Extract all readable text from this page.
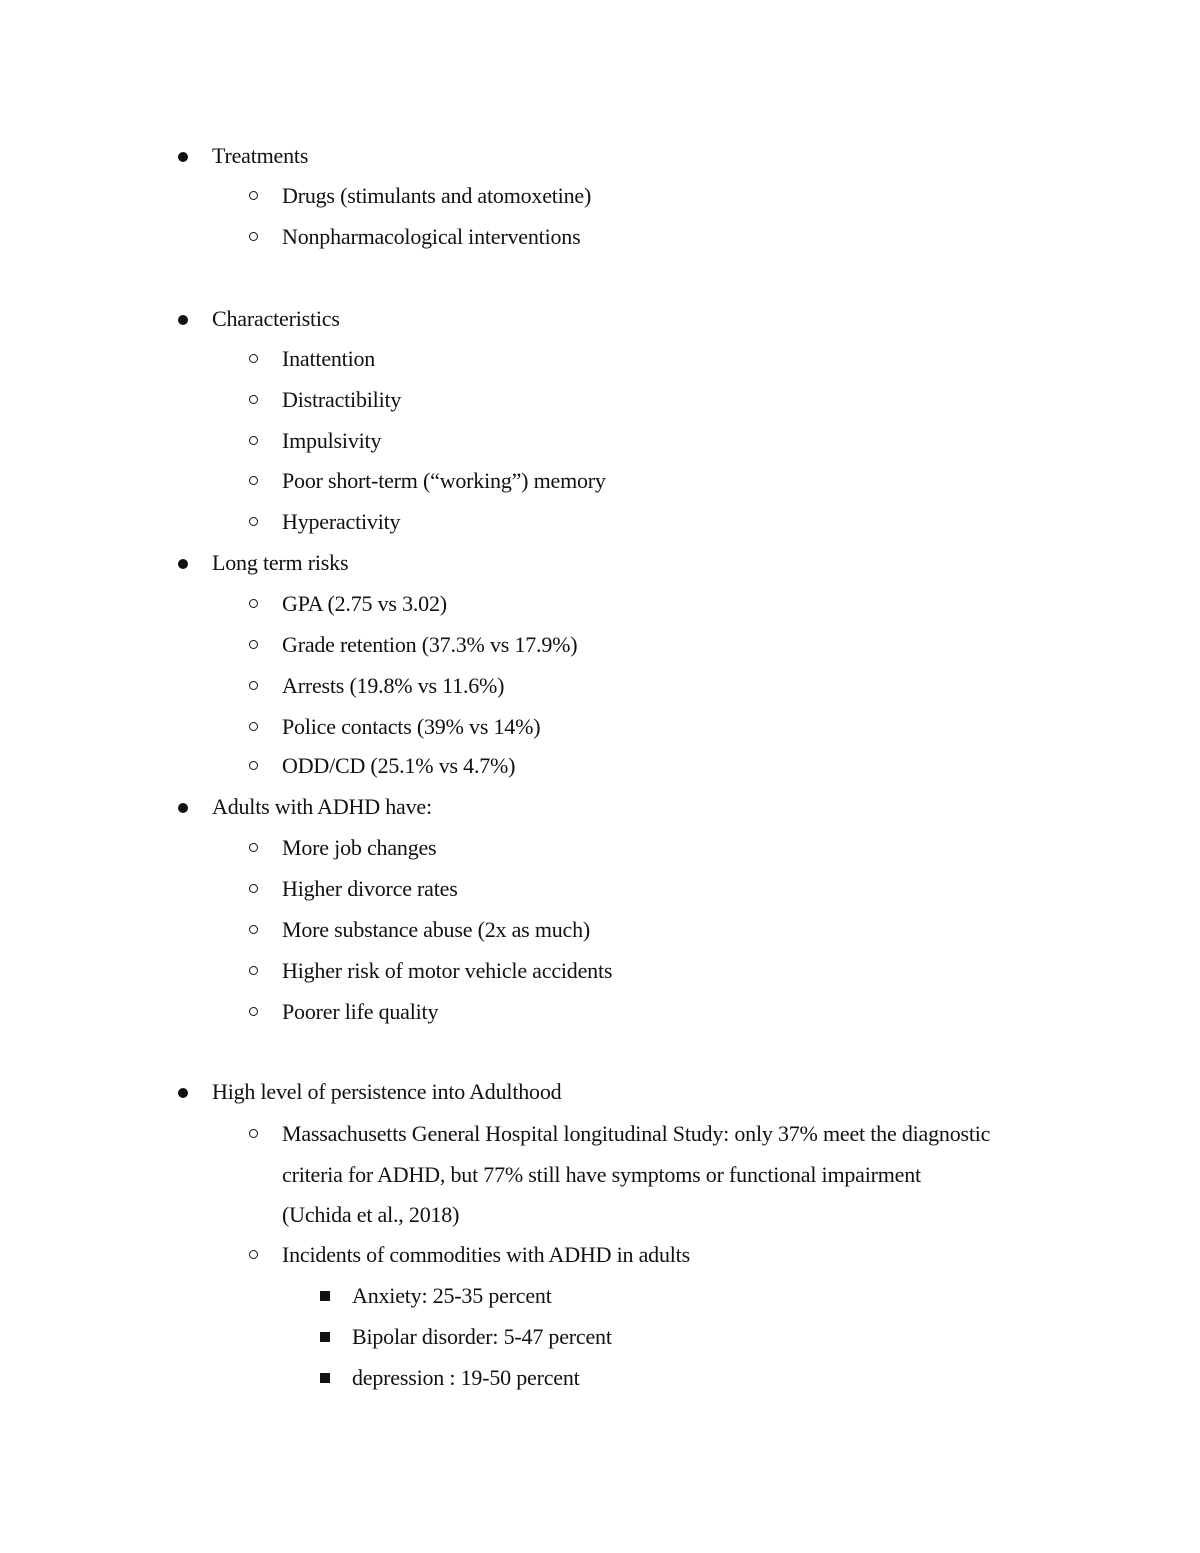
Treatments
Drugs (stimulants and atomoxetine)
Nonpharmacological interventions
Characteristics
Inattention
Distractibility
Impulsivity
Poor short-term (“working”) memory
Hyperactivity
Long term risks
GPA (2.75 vs 3.02)
Grade retention (37.3% vs 17.9%)
Arrests (19.8% vs 11.6%)
Police contacts (39% vs 14%)
ODD/CD (25.1% vs 4.7%)
Adults with ADHD have:
More job changes
Higher divorce rates
More substance abuse (2x as much)
Higher risk of motor vehicle accidents
Poorer life quality
High level of persistence into Adulthood
Massachusetts General Hospital longitudinal Study: only 37% meet the diagnostic
criteria for ADHD, but 77% still have symptoms or functional impairment
(Uchida et al., 2018)
Incidents of commodities with ADHD in adults
Anxiety: 25-35 percent
Bipolar disorder: 5-47 percent
depression : 19-50 percent
